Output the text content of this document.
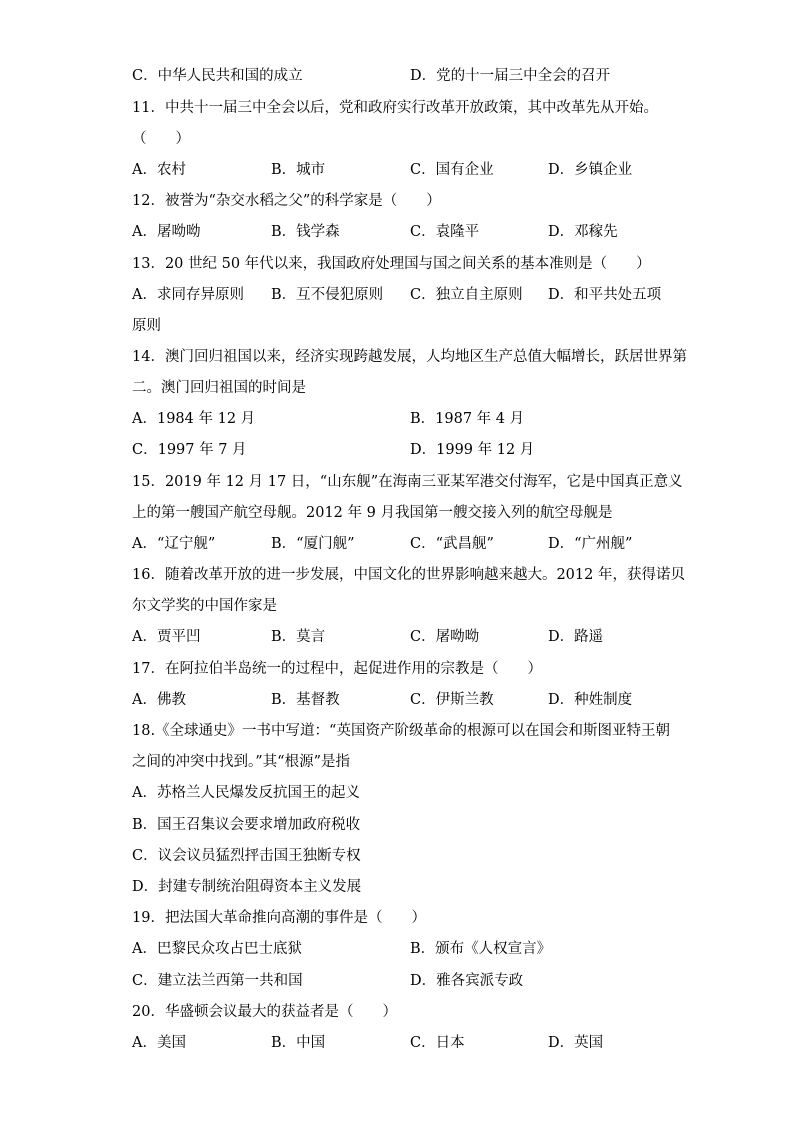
C．中华人民共和国的成立	D．党的十一届三中全会的召开
11．中共十一届三中全会以后，党和政府实行改革开放政策，其中改革先从开始。
（　　）
A．农村	B．城市	C．国有企业	D．乡镇企业
12．被誉为“杂交水稻之父”的科学家是（　　）
A．屠呦呦	B．钱学森	C．袁隆平	D．邓稼先
13．20 世纪 50 年代以来，我国政府处理国与国之间关系的基本准则是（　　）
A．求同存异原则 B．互不侵犯原则 C．独立自主原则 D．和平共处五项
原则
14．澳门回归祖国以来，经济实现跨越发展，人均地区生产总值大幅增长，跃居世界第
二。澳门回归祖国的时间是
A．1984 年 12 月	B．1987 年 4 月
C．1997 年 7 月	D．1999 年 12 月
15．2019 年 12 月 17 日，“山东舰”在海南三亚某军港交付海军，它是中国真正意义
上的第一艘国产航空母舰。2012 年 9 月我国第一艘交接入列的航空母舰是
A．“辽宁舰”	B．“厦门舰”	C．“武昌舰”	D．“广州舰”
16．随着改革开放的进一步发展，中国文化的世界影响越来越大。2012 年，获得诺贝
尔文学奖的中国作家是
A．贾平凹	B．莫言	C．屠呦呦	D．路遥
17．在阿拉伯半岛统一的过程中，起促进作用的宗教是（　　）
A．佛教	B．基督教	C．伊斯兰教	D．种姓制度
18.《全球通史》一书中写道：“英国资产阶级革命的根源可以在国会和斯图亚特王朝
之间的冲突中找到。”其“根源”是指
A．苏格兰人民爆发反抗国王的起义
B．国王召集议会要求增加政府税收
C．议会议员猛烈抨击国王独断专权
D．封建专制统治阻碍资本主义发展
19．把法国大革命推向高潮的事件是（　　）
A．巴黎民众攻占巴士底狱	B．颁布《人权宣言》
C．建立法兰西第一共和国	D．雅各宾派专政
20．华盛顿会议最大的获益者是（　　）
A．美国	B．中国	C．日本	D．英国
